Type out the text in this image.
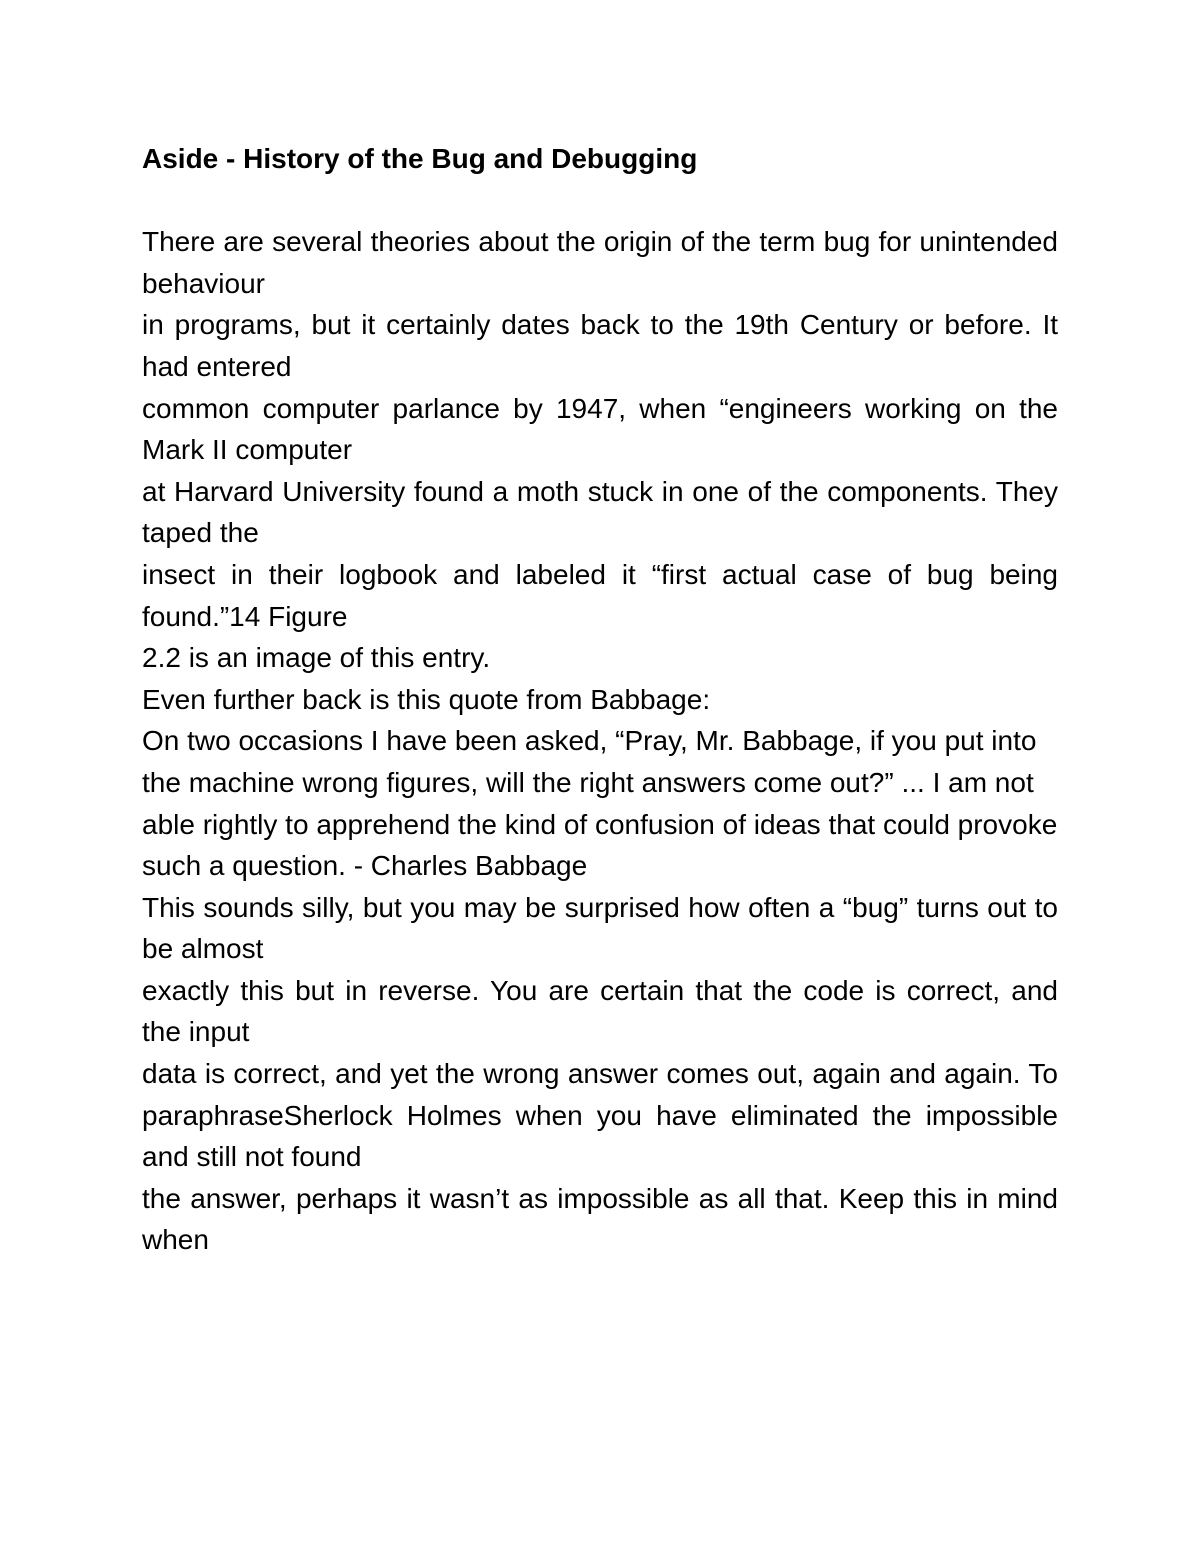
Aside - History of the Bug and Debugging

There are several theories about the origin of the term bug for unintended behaviour

in programs, but it certainly dates back to the 19th Century or before. It had entered

common computer parlance by 1947, when “engineers working on the Mark II computer

at Harvard University found a moth stuck in one of the components. They taped the

insect in their logbook and labeled it “first actual case of bug being found.”14 Figure

2.2 is an image of this entry.

Even further back is this quote from Babbage:

On two occasions I have been asked, “Pray, Mr. Babbage, if you put into

the machine wrong figures, will the right answers come out?” ... I am not

able rightly to apprehend the kind of confusion of ideas that could provoke

such a question. - Charles Babbage

This sounds silly, but you may be surprised how often a “bug” turns out to be almost

exactly this but in reverse. You are certain that the code is correct, and the input

data is correct, and yet the wrong answer comes out, again and again. To paraphraseSherlock Holmes when you have eliminated the impossible and still not found

the answer, perhaps it wasn’t as impossible as all that. Keep this in mind when
